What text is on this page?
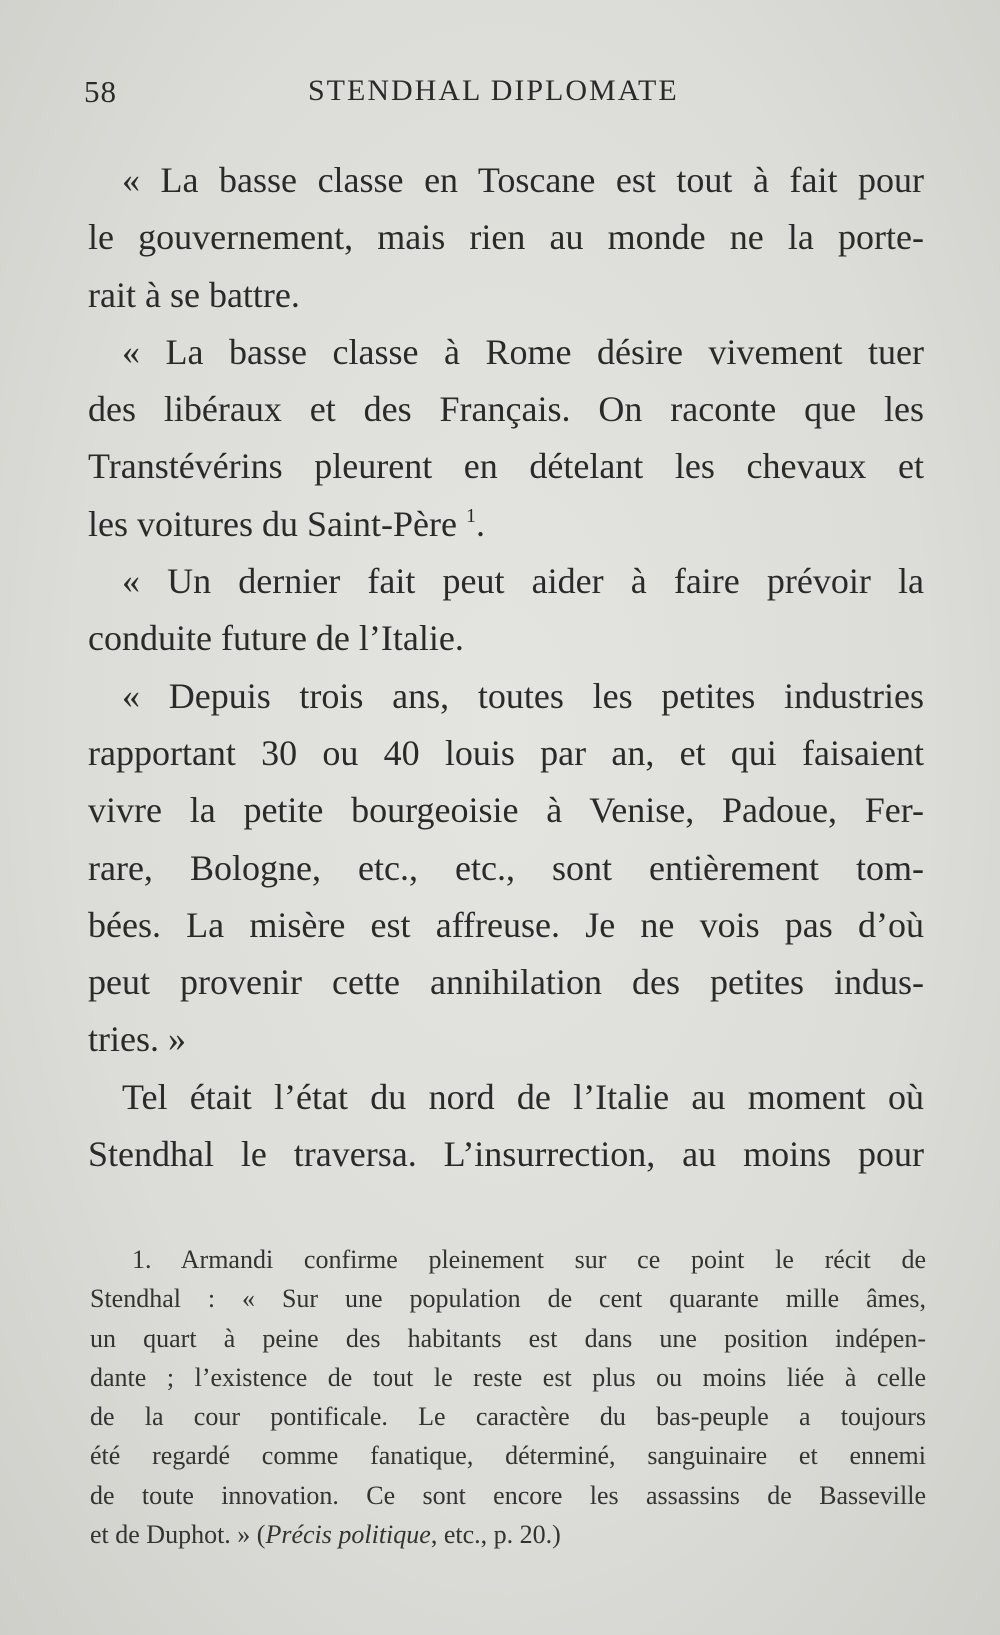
58	STENDHAL DIPLOMATE
« La basse classe en Toscane est tout à fait pour
le gouvernement, mais rien au monde ne la porte-
rait à se battre.
« La basse classe à Rome désire vivement tuer
des libéraux et des Français. On raconte que les
Transtévérins pleurent en dételant les chevaux et
les voitures du Saint-Père $^1$.
« Un dernier fait peut aider à faire prévoir la
conduite future de l’Italie.
« Depuis trois ans, toutes les petites industries
rapportant 30 ou 40 louis par an, et qui faisaient
vivre la petite bourgeoisie à Venise, Padoue, Fer-
rare, Bologne, etc., etc., sont entièrement tom-
bées. La misère est affreuse. Je ne vois pas d’où
peut provenir cette annihilation des petites indus-
tries. »
Tel était l’état du nord de l’Italie au moment où
Stendhal le traversa. L’insurrection, au moins pour
1. Armandi confirme pleinement sur ce point le récit de
Stendhal : « Sur une population de cent quarante mille âmes,
un quart à peine des habitants est dans une position indépen-
dante ; l’existence de tout le reste est plus ou moins liée à celle
de la cour pontificale. Le caractère du bas-peuple a toujours
été regardé comme fanatique, déterminé, sanguinaire et ennemi
de toute innovation. Ce sont encore les assassins de Basseville
et de Duphot. » (Précis politique, etc., p. 20.)
